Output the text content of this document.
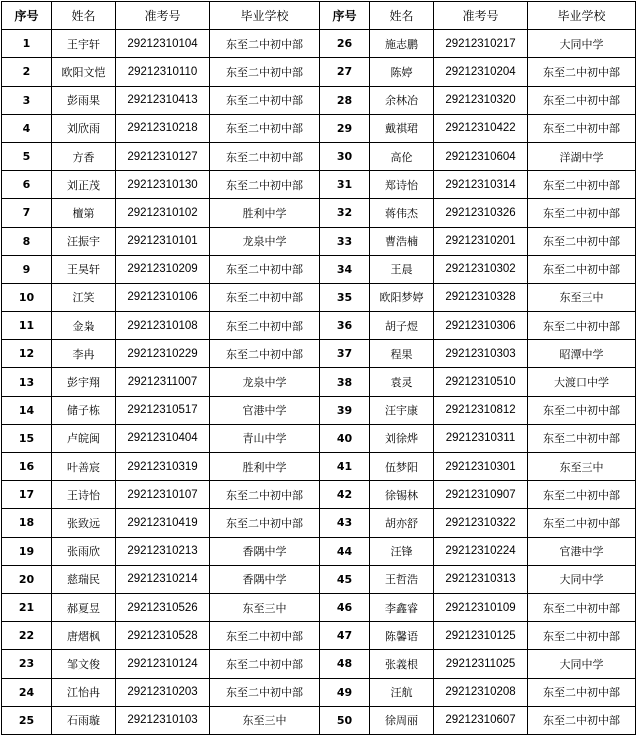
序号	姓名	准考号	毕业学校	序号	姓名	准考号	毕业学校
1	王宇轩	29212310104	东至二中初中部	26	施志鹏	29212310217	大同中学
2	欧阳文恺	29212310110	东至二中初中部	27	陈婷	29212310204	东至二中初中部
3	彭雨果	29212310413	东至二中初中部	28	余林冶	29212310320	东至二中初中部
4	刘欣雨	29212310218	东至二中初中部	29	戴祺珺	29212310422	东至二中初中部
5	方香	29212310127	东至二中初中部	30	高伦	29212310604	洋湖中学
6	刘正茂	29212310130	东至二中初中部	31	郑诗怡	29212310314	东至二中初中部
7	檀第	29212310102	胜利中学	32	蒋伟杰	29212310326	东至二中初中部
8	汪振宇	29212310101	龙泉中学	33	曹浩楠	29212310201	东至二中初中部
9	王昊轩	29212310209	东至二中初中部	34	王晨	29212310302	东至二中初中部
10	江笑	29212310106	东至二中初中部	35	欧阳梦婷	29212310328	东至三中
11	金枭	29212310108	东至二中初中部	36	胡子煜	29212310306	东至二中初中部
12	李冉	29212310229	东至二中初中部	37	程果	29212310303	昭潭中学
13	彭宇翔	29212311007	龙泉中学	38	袁灵	29212310510	大渡口中学
14	储子栋	29212310517	官港中学	39	汪宇康	29212310812	东至二中初中部
15	卢皖闽	29212310404	青山中学	40	刘徐烨	29212310311	东至二中初中部
16	叶善宸	29212310319	胜利中学	41	伍梦阳	29212310301	东至三中
17	王诗怡	29212310107	东至二中初中部	42	徐锡林	29212310907	东至二中初中部
18	张致远	29212310419	东至二中初中部	43	胡亦舒	29212310322	东至二中初中部
19	张雨欣	29212310213	香隅中学	44	汪锋	29212310224	官港中学
20	慈瑞民	29212310214	香隅中学	45	王哲浩	29212310313	大同中学
21	郝夏昱	29212310526	东至三中	46	李鑫睿	29212310109	东至二中初中部
22	唐熠枫	29212310528	东至二中初中部	47	陈馨语	29212310125	东至二中初中部
23	邹文俊	29212310124	东至二中初中部	48	张義根	29212311025	大同中学
24	江怡冉	29212310203	东至二中初中部	49	汪航	29212310208	东至二中初中部
25	石雨璇	29212310103	东至三中	50	徐周丽	29212310607	东至二中初中部
